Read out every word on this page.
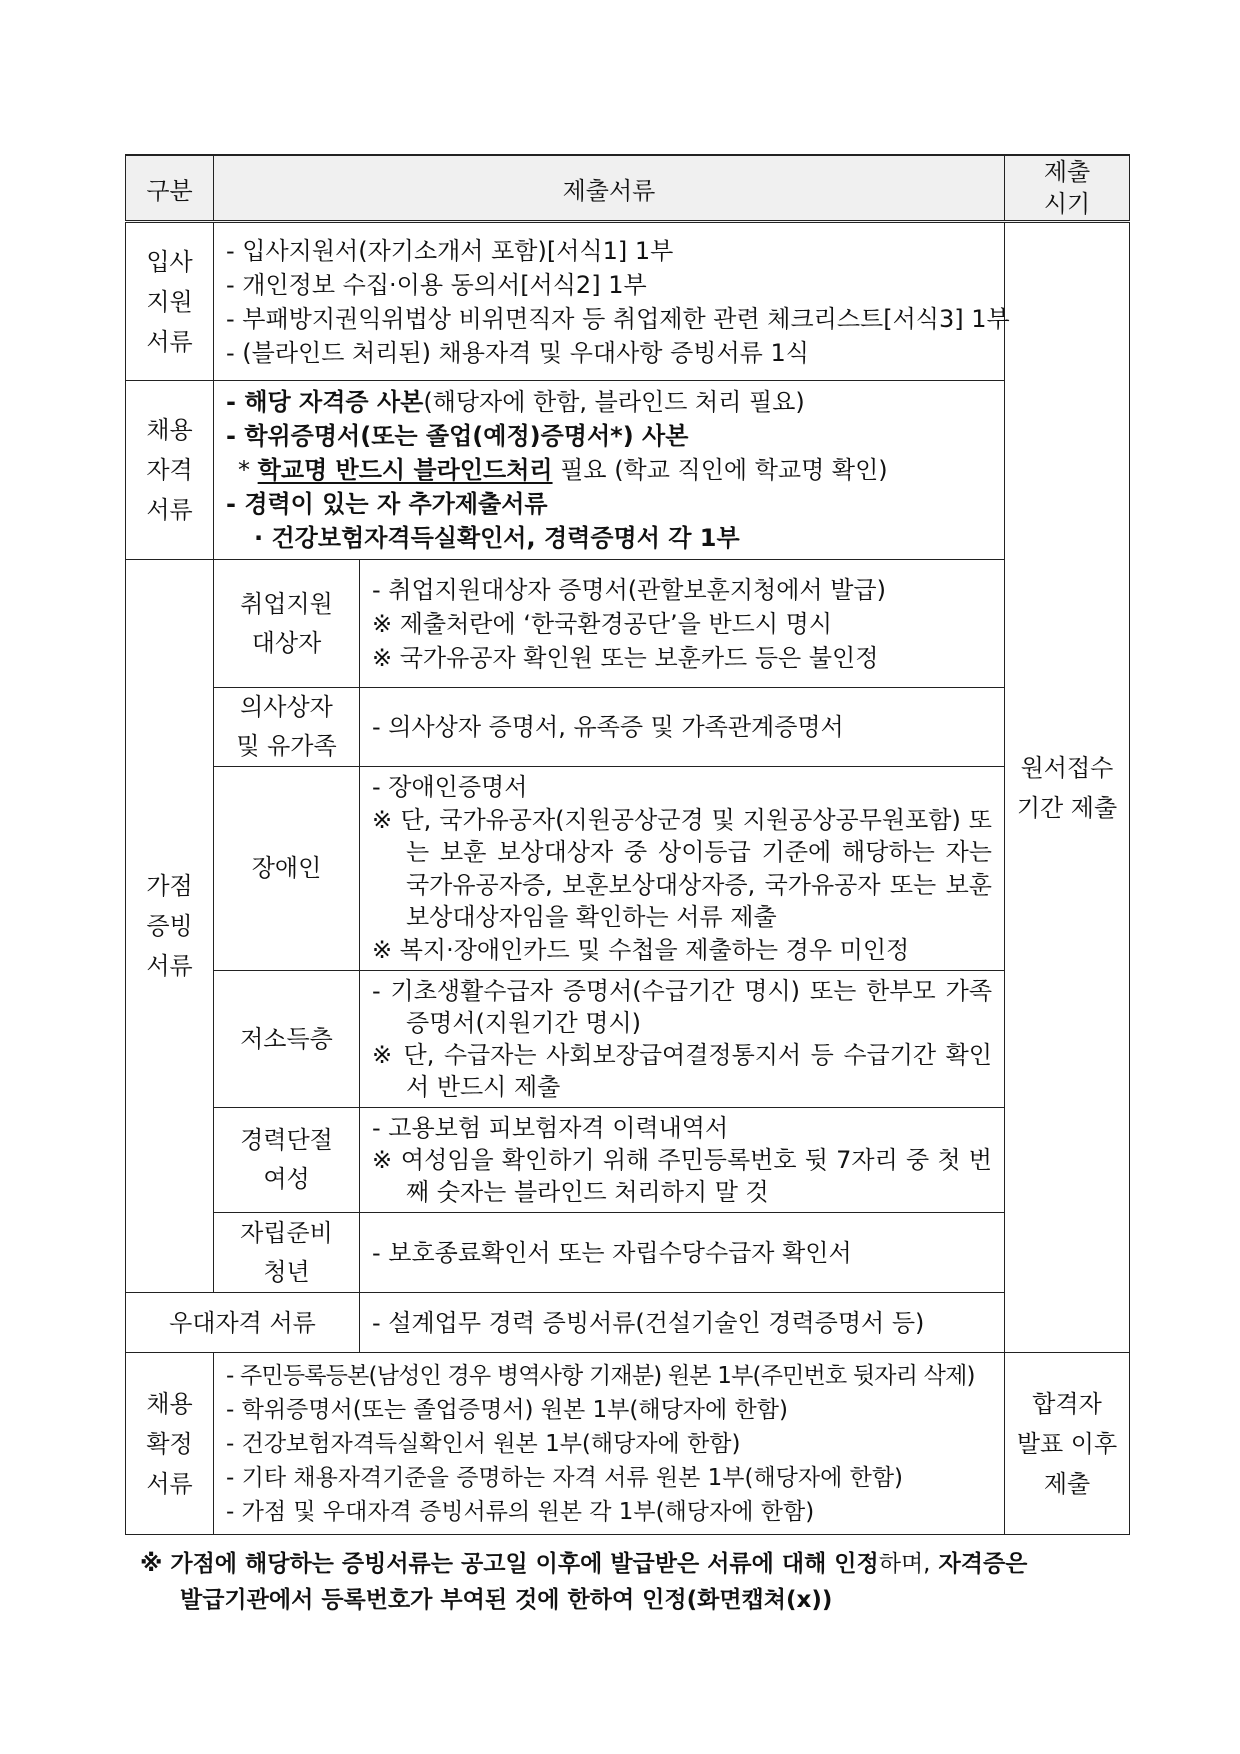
구분	제출서류		제출
시기
입사
지원
서류	- 입사지원서(자기소개서 포함)[서식1] 1부
- 개인정보 수집·이용 동의서[서식2] 1부
- 부패방지권익위법상 비위면직자 등 취업제한 관련 체크리스트[서식3] 1부
- (블라인드 처리된) 채용자격 및 우대사항 증빙서류 1식		원서접수
기간 제출
채용
자격
서류	- 해당 자격증 사본(해당자에 한함, 블라인드 처리 필요)
- 학위증명서(또는 졸업(예정)증명서*) 사본
* 학교명 반드시 블라인드처리 필요 (학교 직인에 학교명 확인)
- 경력이 있는 자 추가제출서류
· 건강보험자격득실확인서, 경력증명서 각 1부		

가점
증빙
서류	취업지원
대상자	- 취업지원대상자 증명서(관할보훈지청에서 발급)
※ 제출처란에 ‘한국환경공단’을 반드시 명시
※ 국가유공자 확인원 또는 보훈카드 등은 불인정	

	의사상자
및 유가족	- 의사상자 증명서, 유족증 및 가족관계증명서	

	장애인	- 장애인증명서
※ 단, 국가유공자(지원공상군경 및 지원공상공무원포함) 또는 보훈 보상대상자 중 상이등급 기준에 해당하는 자는 국가유공자증, 보훈보상대상자증, 국가유공자 또는 보훈보상대상자임을 확인하는 서류 제출
※ 복지·장애인카드 및 수첩을 제출하는 경우 미인정	

	저소득층	- 기초생활수급자 증명서(수급기간 명시) 또는 한부모 가족증명서(지원기간 명시)
※ 단, 수급자는 사회보장급여결정통지서 등 수급기간 확인서 반드시 제출	

	경력단절
여성	- 고용보험 피보험자격 이력내역서
※ 여성임을 확인하기 위해 주민등록번호 뒷 7자리 중 첫 번째 숫자는 블라인드 처리하지 말 것	

	자립준비
청년	- 보호종료확인서 또는 자립수당수급자 확인서	

우대자격 서류		- 설계업무 경력 증빙서류(건설기술인 경력증명서 등)	

채용
확정
서류	- 주민등록등본(남성인 경우 병역사항 기재분) 원본 1부(주민번호 뒷자리 삭제)
- 학위증명서(또는 졸업증명서) 원본 1부(해당자에 한함)
- 건강보험자격득실확인서 원본 1부(해당자에 한함)
- 기타 채용자격기준을 증명하는 자격 서류 원본 1부(해당자에 한함)
- 가점 및 우대자격 증빙서류의 원본 각 1부(해당자에 한함)		합격자
발표 이후
제출
※ 가점에 해당하는 증빙서류는 공고일 이후에 발급받은 서류에 대해 인정하며, 자격증은
발급기관에서 등록번호가 부여된 것에 한하여 인정(화면캡쳐(x))
